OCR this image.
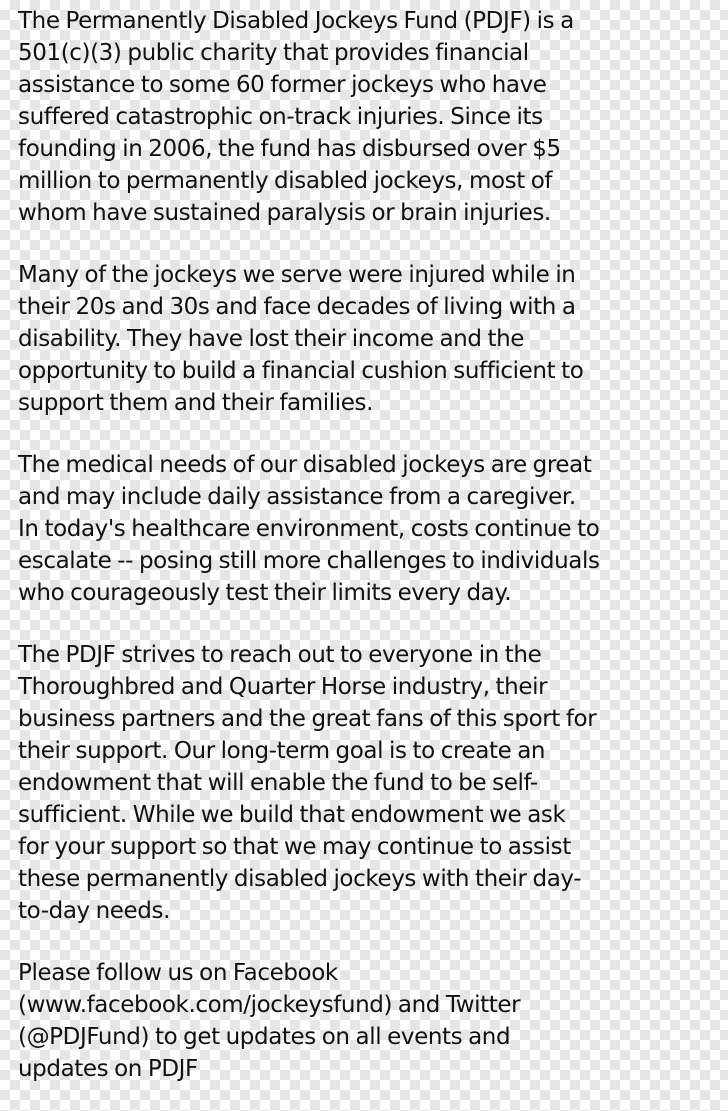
The Permanently Disabled Jockeys Fund (PDJF) is a
501(c)(3) public charity that provides financial
assistance to some 60 former jockeys who have
suffered catastrophic on-track injuries. Since its
founding in 2006, the fund has disbursed over $5
million to permanently disabled jockeys, most of
whom have sustained paralysis or brain injuries.

Many of the jockeys we serve were injured while in
their 20s and 30s and face decades of living with a
disability. They have lost their income and the
opportunity to build a financial cushion sufficient to
support them and their families.

The medical needs of our disabled jockeys are great
and may include daily assistance from a caregiver.
In today's healthcare environment, costs continue to
escalate -- posing still more challenges to individuals
who courageously test their limits every day.

The PDJF strives to reach out to everyone in the
Thoroughbred and Quarter Horse industry, their
business partners and the great fans of this sport for
their support. Our long-term goal is to create an
endowment that will enable the fund to be self-
sufficient. While we build that endowment we ask
for your support so that we may continue to assist
these permanently disabled jockeys with their day-
to-day needs.

Please follow us on Facebook
(www.facebook.com/jockeysfund) and Twitter
(@PDJFund) to get updates on all events and
updates on PDJF
